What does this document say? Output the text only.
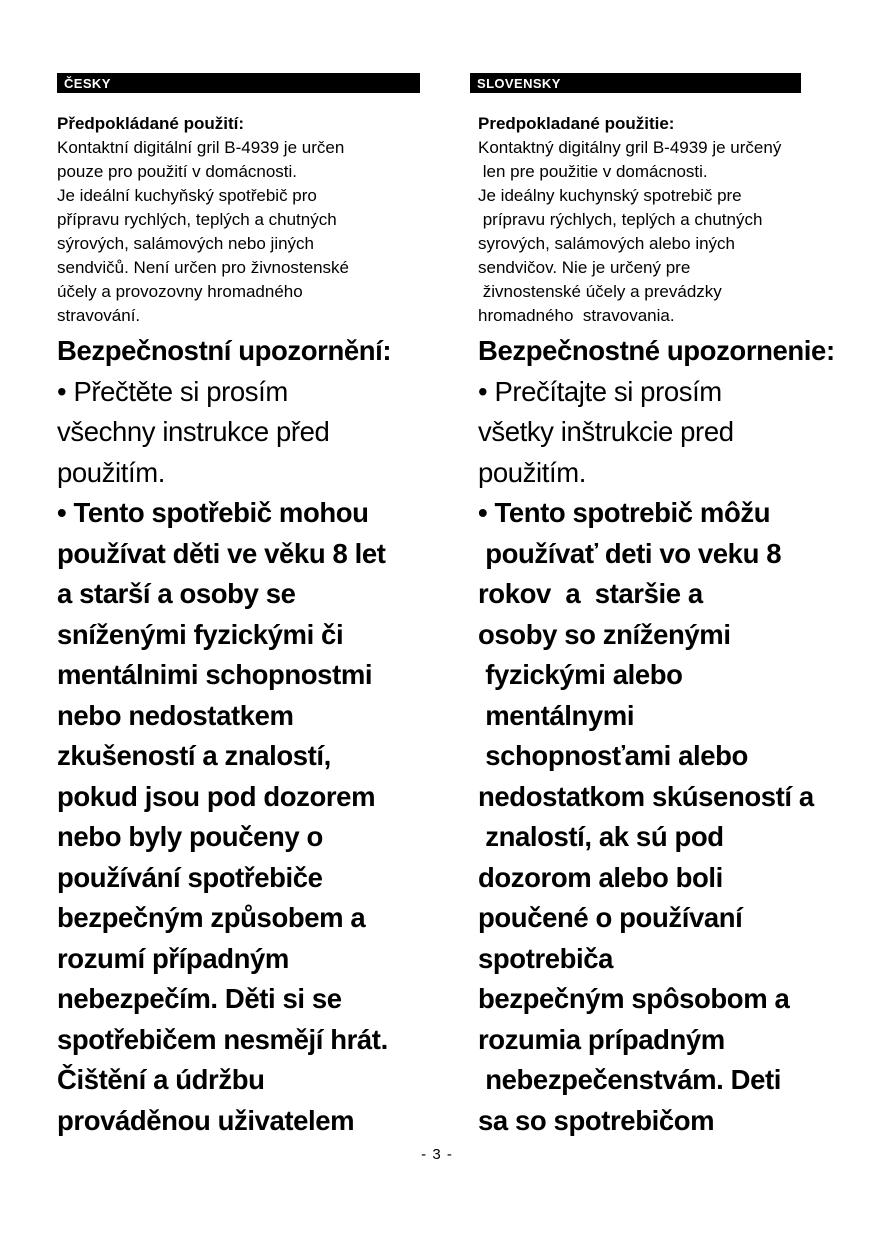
ČESKY
Předpokládané použití:
Kontaktní digitální gril B-4939 je určen
pouze pro použití v domácnosti.
Je ideální kuchyňský spotřebič pro
přípravu rychlých, teplých a chutných
sýrových, salámových nebo jiných
sendvičů. Není určen pro živnostenské
účely a provozovny hromadného
stravování.
Bezpečnostní upozornění:
• Přečtěte si prosím
všechny instrukce před
použitím.
• Tento spotřebič mohou
používat děti ve věku 8 let
a starší a osoby se
sníženými fyzickými či
mentálnimi schopnostmi
nebo nedostatkem
zkušeností a znalostí,
pokud jsou pod dozorem
nebo byly poučeny o
používání spotřebiče
bezpečným způsobem a
rozumí případným
nebezpečím. Děti si se
spotřebičem nesmějí hrát.
Čištění a údržbu
prováděnou uživatelem
SLOVENSKY
Predpokladané použitie:
Kontaktný digitálny gril B-4939 je určený
len pre použitie v domácnosti.
Je ideálny kuchynský spotrebič pre
prípravu rýchlych, teplých a chutných
syrových, salámových alebo iných
sendvičov. Nie je určený pre
živnostenské účely a prevádzky
hromadného  stravovania.
Bezpečnostné upozornenie:
• Prečítajte si prosím
všetky inštrukcie pred
použitím.
• Tento spotrebič môžu
používať deti vo veku 8
rokov  a  staršie a
osoby so zníženými
fyzickými alebo
mentálnymi
schopnosťami alebo
nedostatkom skúseností a
znalostí, ak sú pod
dozorom alebo boli
poučené o používaní
spotrebiča
bezpečným spôsobom a
rozumia prípadným
nebezpečenstvám. Deti
sa so spotrebičom
- 3 -
